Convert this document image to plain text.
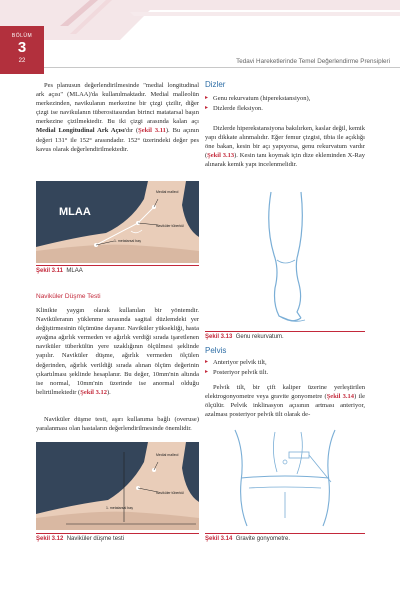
BÖLÜM
3
22	Tedavi Hareketlerinde Temel Değerlendirme Prensipleri
Pes planusun değerlendirilmesinde "medial longitudinal ark açısı" (MLAA)'da kullanılmaktadır. Medial malleolün merkezinden, navikulanın merkezine bir çizgi çizilir, diğer çizgi ise navikulanın tüberositasından birinci matatarsal başın merkezine çizilmektedir. Bu iki çizgi arasında kalan açı Medial Longitudinal Ark Açısı'dır (Şekil 3.11). Bu açının değeri 131° ile 152° arasındadır. 152° üzerindeki değer pes kavus olarak değerlendirilmektedir.
MLAA
Medial malleol
Naviküler tüberkül
1. metatarsal baş
Şekil 3.11 MLAA
Naviküler Düşme Testi
Klinikte yaygın olarak kullanılan bir yöntemdir. Naviküleranın yüklenme sırasında sagital düzlemdeki yer değiştirmesinin ölçümüne dayanır. Naviküler yüksekliği, hasta ayağına ağırlık vermeden ve ağırlık verdiği sırada işaretlenen naviküler tüberkülün yere uzaklığının ölçülmesi şeklinde yapılır. Naviküler düşme, ağırlık vermeden ölçülen değerinden, ağırlık verildiği sırada alınan ölçüm değerinin çıkartılması şeklinde hesaplanır. Bu değer, 10mm'nin altında ise normal, 10mm'nin üzerinde ise anormal olduğu belirtilmektedir (Şekil 3.12).
Naviküler düşme testi, aşırı kullanıma bağlı (overuse) yaralanması olan hastaların değerlendirilmesinde önemlidir.
Medial malleol
Naviküler tüberkül
1. metatarsal baş
Şekil 3.12 Naviküler düşme testi
Dizler
▸ Genu rekurvatum (hiperekstansiyon),
▸ Dizlerde fleksiyon.
Dizlerde hiperekstansiyona bakılırken, kaslar değil, kemik yapı dikkate alınmalıdır. Eğer femur çizgisi, tibia ile açıklığı öne bakan, kesin bir açı yapıyorsa, genu rekurvatum vardır (Şekil 3.13). Kesin tanı koymak için dize ekleminden X-Ray alınarak kemik yapı incelenmelidir.
Şekil 3.13 Genu rekurvatum.
Pelvis
▸ Anteriyor pelvik tilt,
▸ Posteriyor pelvik tilt.
Pelvik tilt, bir çift kaliper üzerine yerleştirilen elektrogonyometre veya gravite gonyometre (Şekil 3.14) ile ölçülür. Pelvik inklinasyon açısının artması anteriyor, azalması posteriyor pelvik tilt olarak de-
Şekil 3.14 Gravite gonyometre.
